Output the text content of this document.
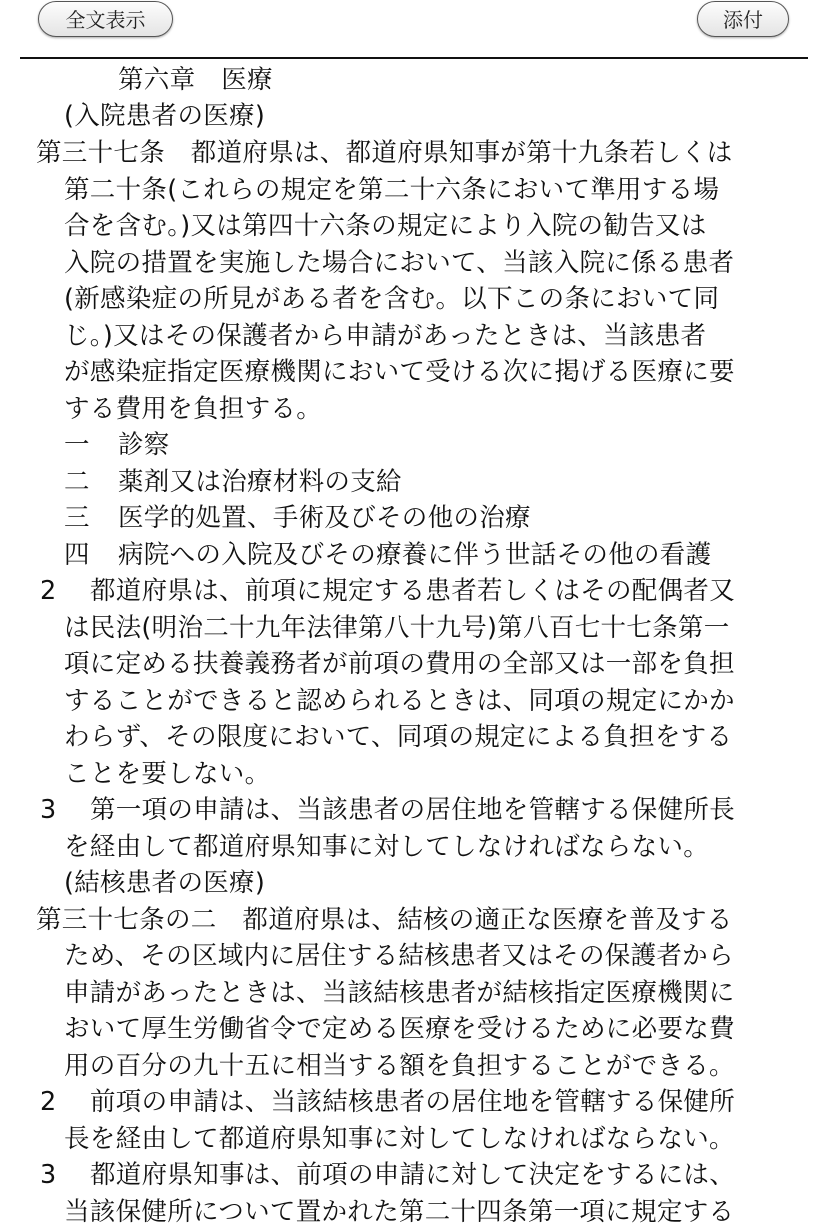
全文表示	添付
第六章　医療
(入院患者の医療)
第三十七条　都道府県は、都道府県知事が第十九条若しくは
第二十条(これらの規定を第二十六条において準用する場
合を含む。)又は第四十六条の規定により入院の勧告又は
入院の措置を実施した場合において、当該入院に係る患者
(新感染症の所見がある者を含む。以下この条において同
じ。)又はその保護者から申請があったときは、当該患者
が感染症指定医療機関において受ける次に掲げる医療に要
する費用を負担する。
一 診察
二 薬剤又は治療材料の支給
三 医学的処置、手術及びその他の治療
四 病院への入院及びその療養に伴う世話その他の看護
2 都道府県は、前項に規定する患者若しくはその配偶者又
は民法(明治二十九年法律第八十九号)第八百七十七条第一
項に定める扶養義務者が前項の費用の全部又は一部を負担
することができると認められるときは、同項の規定にかか
わらず、その限度において、同項の規定による負担をする
ことを要しない。
3 第一項の申請は、当該患者の居住地を管轄する保健所長
を経由して都道府県知事に対してしなければならない。
(結核患者の医療)
第三十七条の二　都道府県は、結核の適正な医療を普及する
ため、その区域内に居住する結核患者又はその保護者から
申請があったときは、当該結核患者が結核指定医療機関に
おいて厚生労働省令で定める医療を受けるために必要な費
用の百分の九十五に相当する額を負担することができる。
2 前項の申請は、当該結核患者の居住地を管轄する保健所
長を経由して都道府県知事に対してしなければならない。
3 都道府県知事は、前項の申請に対して決定をするには、
当該保健所について置かれた第二十四条第一項に規定する
